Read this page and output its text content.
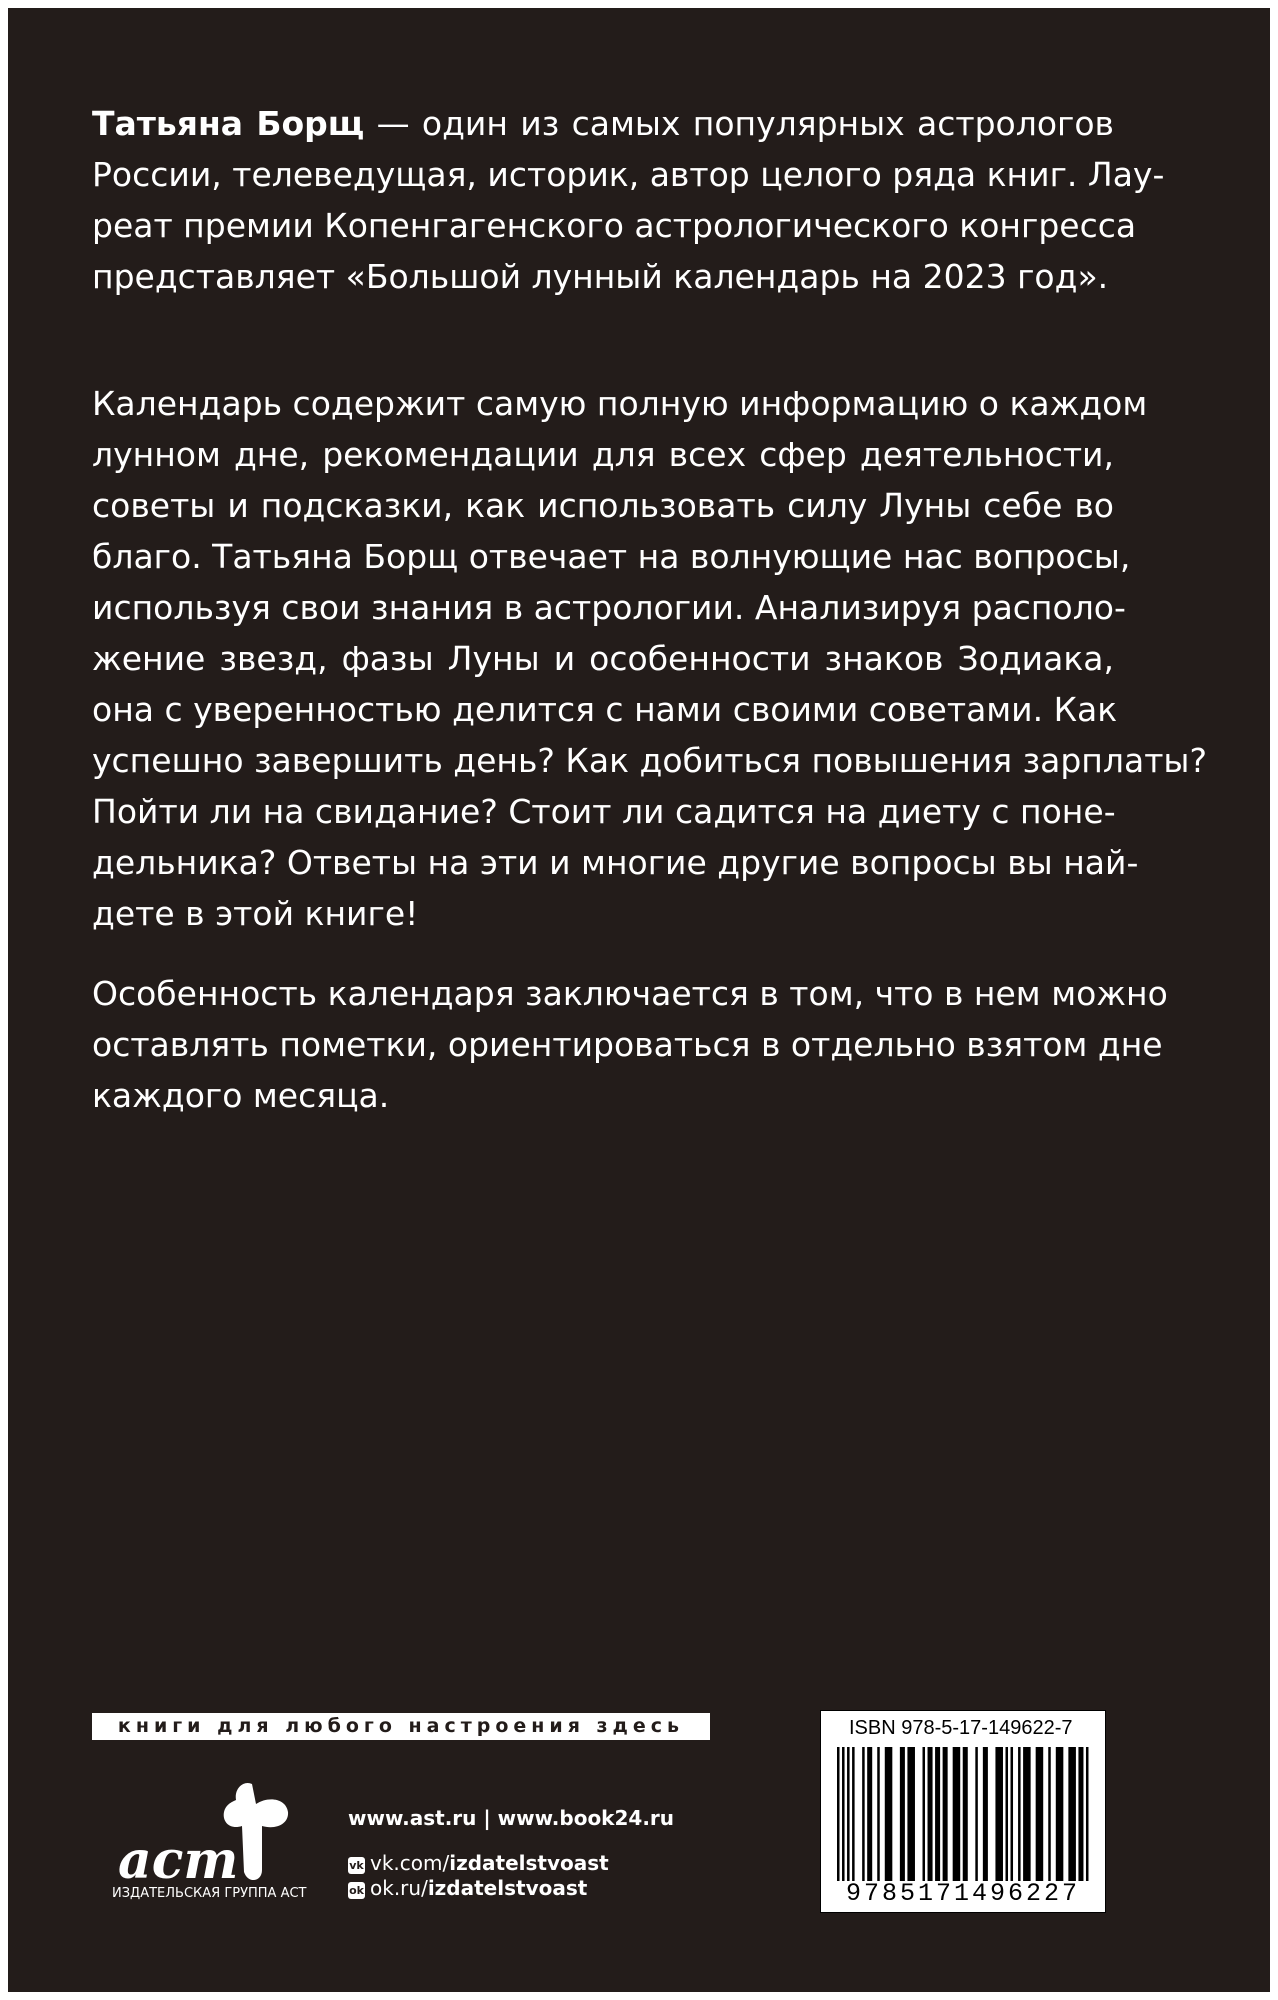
Татьяна Борщ — один из самых популярных астрологов
России, телеведущая, историк, автор целого ряда книг. Лау-
реат премии Копенгагенского астрологического конгресса
представляет «Большой лунный календарь на 2023 год».
Календарь содержит самую полную информацию о каждом
лунном дне, рекомендации для всех сфер деятельности,
советы и подсказки, как использовать силу Луны себе во
благо. Татьяна Борщ отвечает на волнующие нас вопросы,
используя свои знания в астрологии. Анализируя располо-
жение звезд, фазы Луны и особенности знаков Зодиака,
она с уверенностью делится с нами своими советами. Как
успешно завершить день? Как добиться повышения зарплаты?
Пойти ли на свидание? Стоит ли садится на диету с поне-
дельника? Ответы на эти и многие другие вопросы вы най-
дете в этой книге!
Особенность календаря заключается в том, что в нем можно
оставлять пометки, ориентироваться в отдельно взятом дне
каждого месяца.
книги для любого настроения здесь
аст
ИЗДАТЕЛЬСКАЯ ГРУППА АСТ
www.ast.ru | www.book24.ru
vk vk.com/izdatelstvoast
ok ok.ru/izdatelstvoast
ISBN 978-5-17-149622-7
9785171496227
